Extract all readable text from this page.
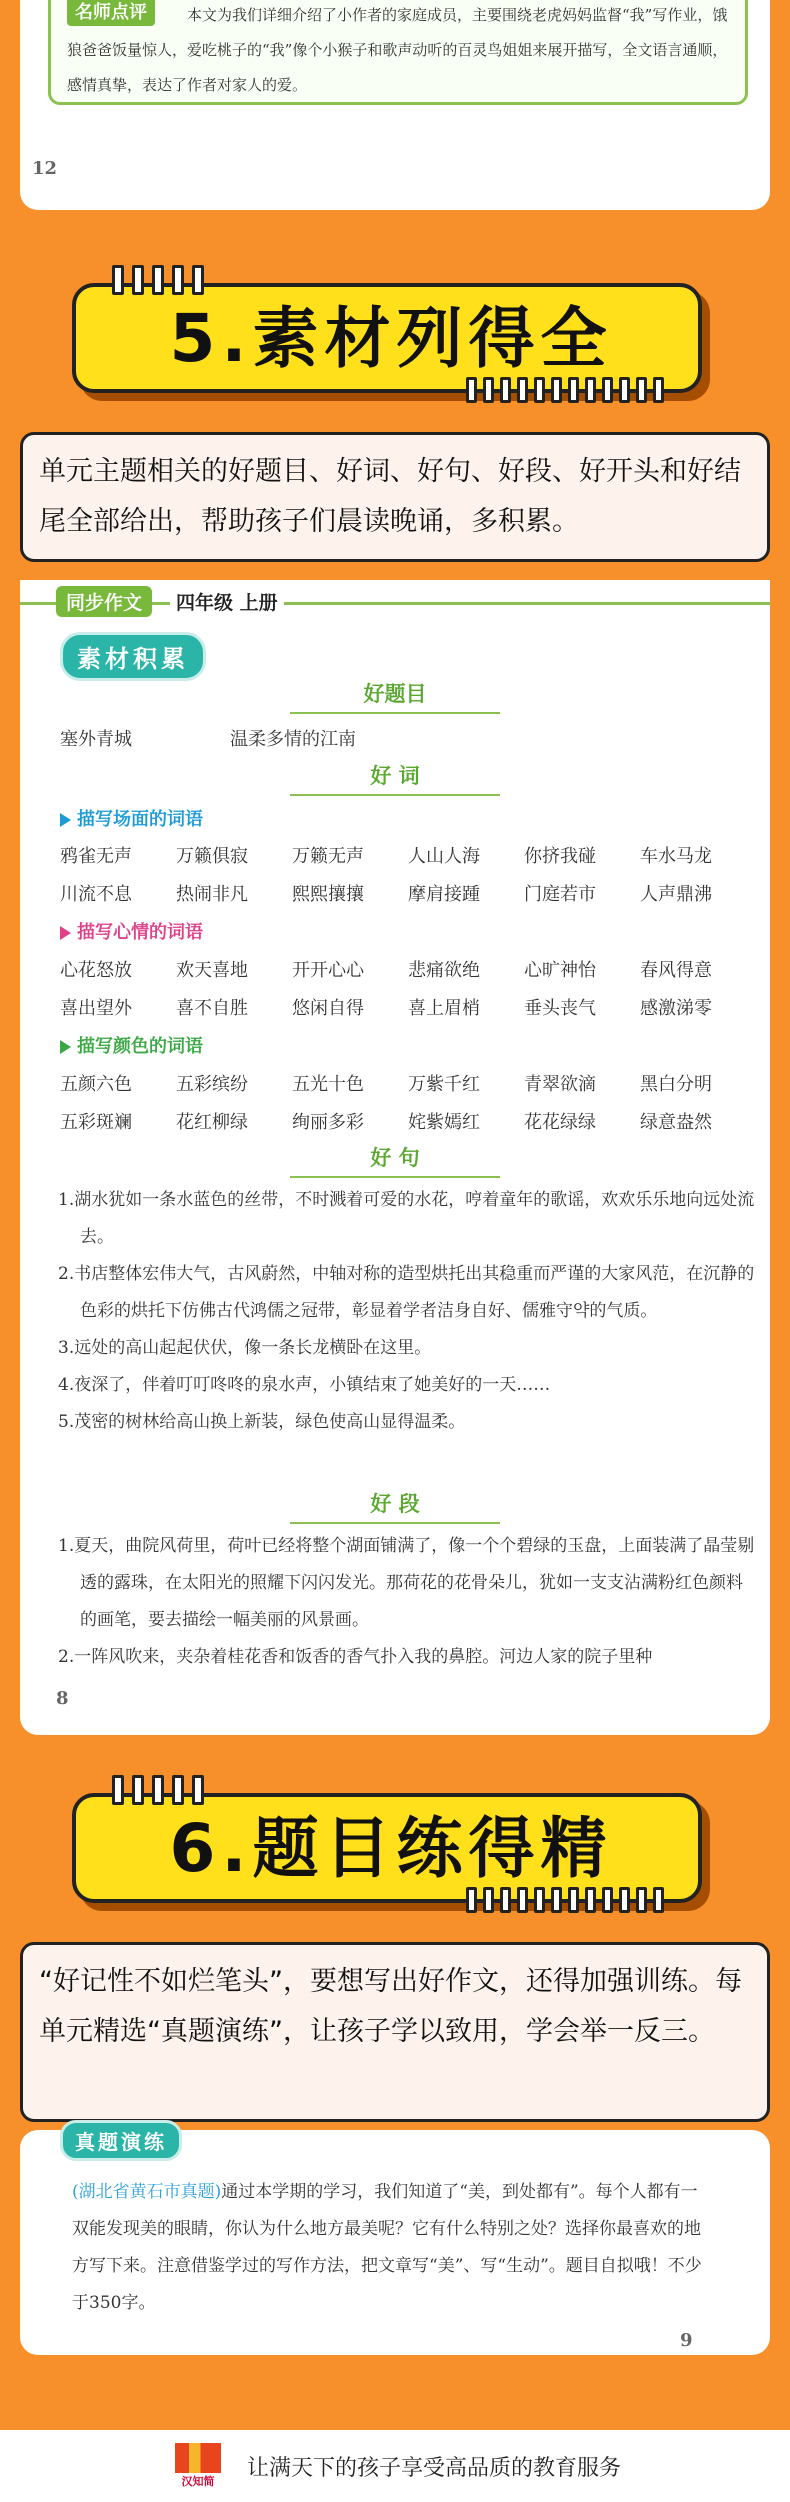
名师点评	本文为我们详细介绍了小作者的家庭成员，主要围绕老虎妈妈监督“我”写作业，饿狼爸爸饭量惊人，爱吃桃子的“我”像个小猴子和歌声动听的百灵鸟姐姐来展开描写，全文语言通顺，感情真挚，表达了作者对家人的爱。
12
5.素材列得全
单元主题相关的好题目、好词、好句、好段、好开头和好结尾全部给出，帮助孩子们晨读晚诵，多积累。
同步作文	四年级 上册
素材积累
好题目
塞外青城	温柔多情的江南
好 词
描写场面的词语
鸦雀无声	万籁俱寂	万籁无声	人山人海	你挤我碰	车水马龙
川流不息	热闹非凡	熙熙攘攘	摩肩接踵	门庭若市	人声鼎沸
描写心情的词语
心花怒放	欢天喜地	开开心心	悲痛欲绝	心旷神怡	春风得意
喜出望外	喜不自胜	悠闲自得	喜上眉梢	垂头丧气	感激涕零
描写颜色的词语
五颜六色	五彩缤纷	五光十色	万紫千红	青翠欲滴	黑白分明
五彩斑斓	花红柳绿	绚丽多彩	姹紫嫣红	花花绿绿	绿意盎然
好 句
1.湖水犹如一条水蓝色的丝带，不时溅着可爱的水花，哼着童年的歌谣，欢欢乐乐地向远处流去。
2.书店整体宏伟大气，古风蔚然，中轴对称的造型烘托出其稳重而严谨的大家风范，在沉静的色彩的烘托下仿佛古代鸿儒之冠带，彰显着学者洁身自好、儒雅守약的气质。
3.远处的高山起起伏伏，像一条长龙横卧在这里。
4.夜深了，伴着叮叮咚咚的泉水声，小镇结束了她美好的一天……
5.茂密的树林给高山换上新装，绿色使高山显得温柔。
好 段
1.夏天，曲院风荷里，荷叶已经将整个湖面铺满了，像一个个碧绿的玉盘，上面装满了晶莹剔透的露珠，在太阳光的照耀下闪闪发光。那荷花的花骨朵儿，犹如一支支沾满粉红色颜料的画笔，要去描绘一幅美丽的风景画。
2.一阵风吹来，夹杂着桂花香和饭香的香气扑入我的鼻腔。河边人家的院子里种
8
6.题目练得精
“好记性不如烂笔头”，要想写出好作文，还得加强训练。每单元精选“真题演练”，让孩子学以致用，学会举一反三。
真题演练
(湖北省黄石市真题)通过本学期的学习，我们知道了“美，到处都有”。每个人都有一双能发现美的眼睛，你认为什么地方最美呢？它有什么特别之处？选择你最喜欢的地方写下来。注意借鉴学过的写作方法，把文章写“美”、写“生动”。题目自拟哦！不少于350字。
9
汉知简
让满天下的孩子享受高品质的教育服务
